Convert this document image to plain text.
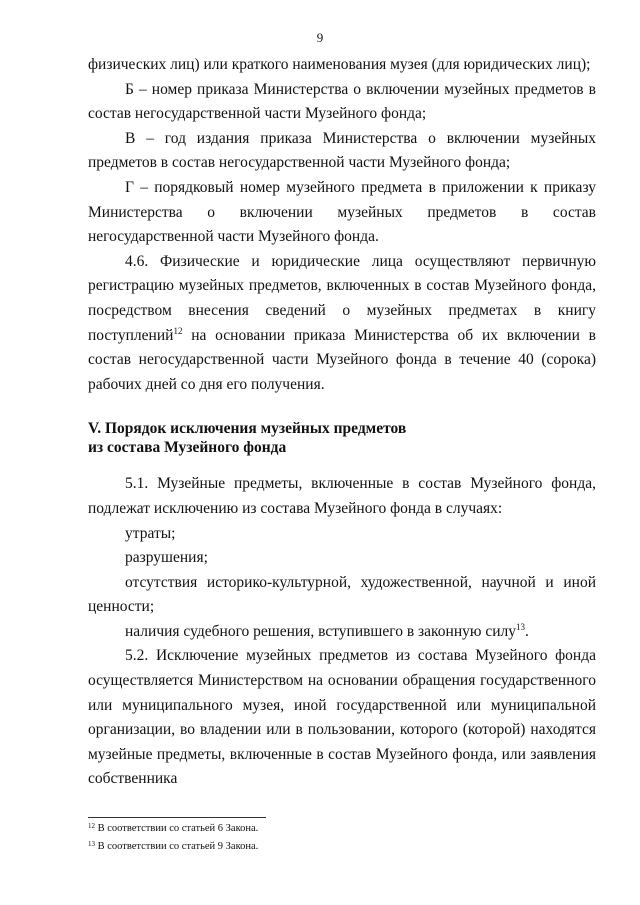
9

физических лиц) или краткого наименования музея (для юридических лиц);

Б – номер приказа Министерства о включении музейных предметов в состав негосударственной части Музейного фонда;

В – год издания приказа Министерства о включении музейных предметов в состав негосударственной части Музейного фонда;

Г – порядковый номер музейного предмета в приложении к приказу Министерства о включении музейных предметов в состав негосударственной части Музейного фонда.

4.6. Физические и юридические лица осуществляют первичную регистрацию музейных предметов, включенных в состав Музейного фонда, посредством внесения сведений о музейных предметах в книгу поступлений$^{12}$ на основании приказа Министерства об их включении в состав негосударственной части Музейного фонда в течение 40 (сорока) рабочих дней со дня его получения.

V. Порядок исключения музейных предметов
из состава Музейного фонда

5.1. Музейные предметы, включенные в состав Музейного фонда, подлежат исключению из состава Музейного фонда в случаях:

утраты;

разрушения;

отсутствия историко-культурной, художественной, научной и иной ценности;

наличия судебного решения, вступившего в законную силу$^{13}$.

5.2. Исключение музейных предметов из состава Музейного фонда осуществляется Министерством на основании обращения государственного или муниципального музея, иной государственной или муниципальной организации, во владении или в пользовании, которого (которой) находятся музейные предметы, включенные в состав Музейного фонда, или заявления собственника

$^{12}$ В соответствии со статьей 6 Закона.
$^{13}$ В соответствии со статьей 9 Закона.
